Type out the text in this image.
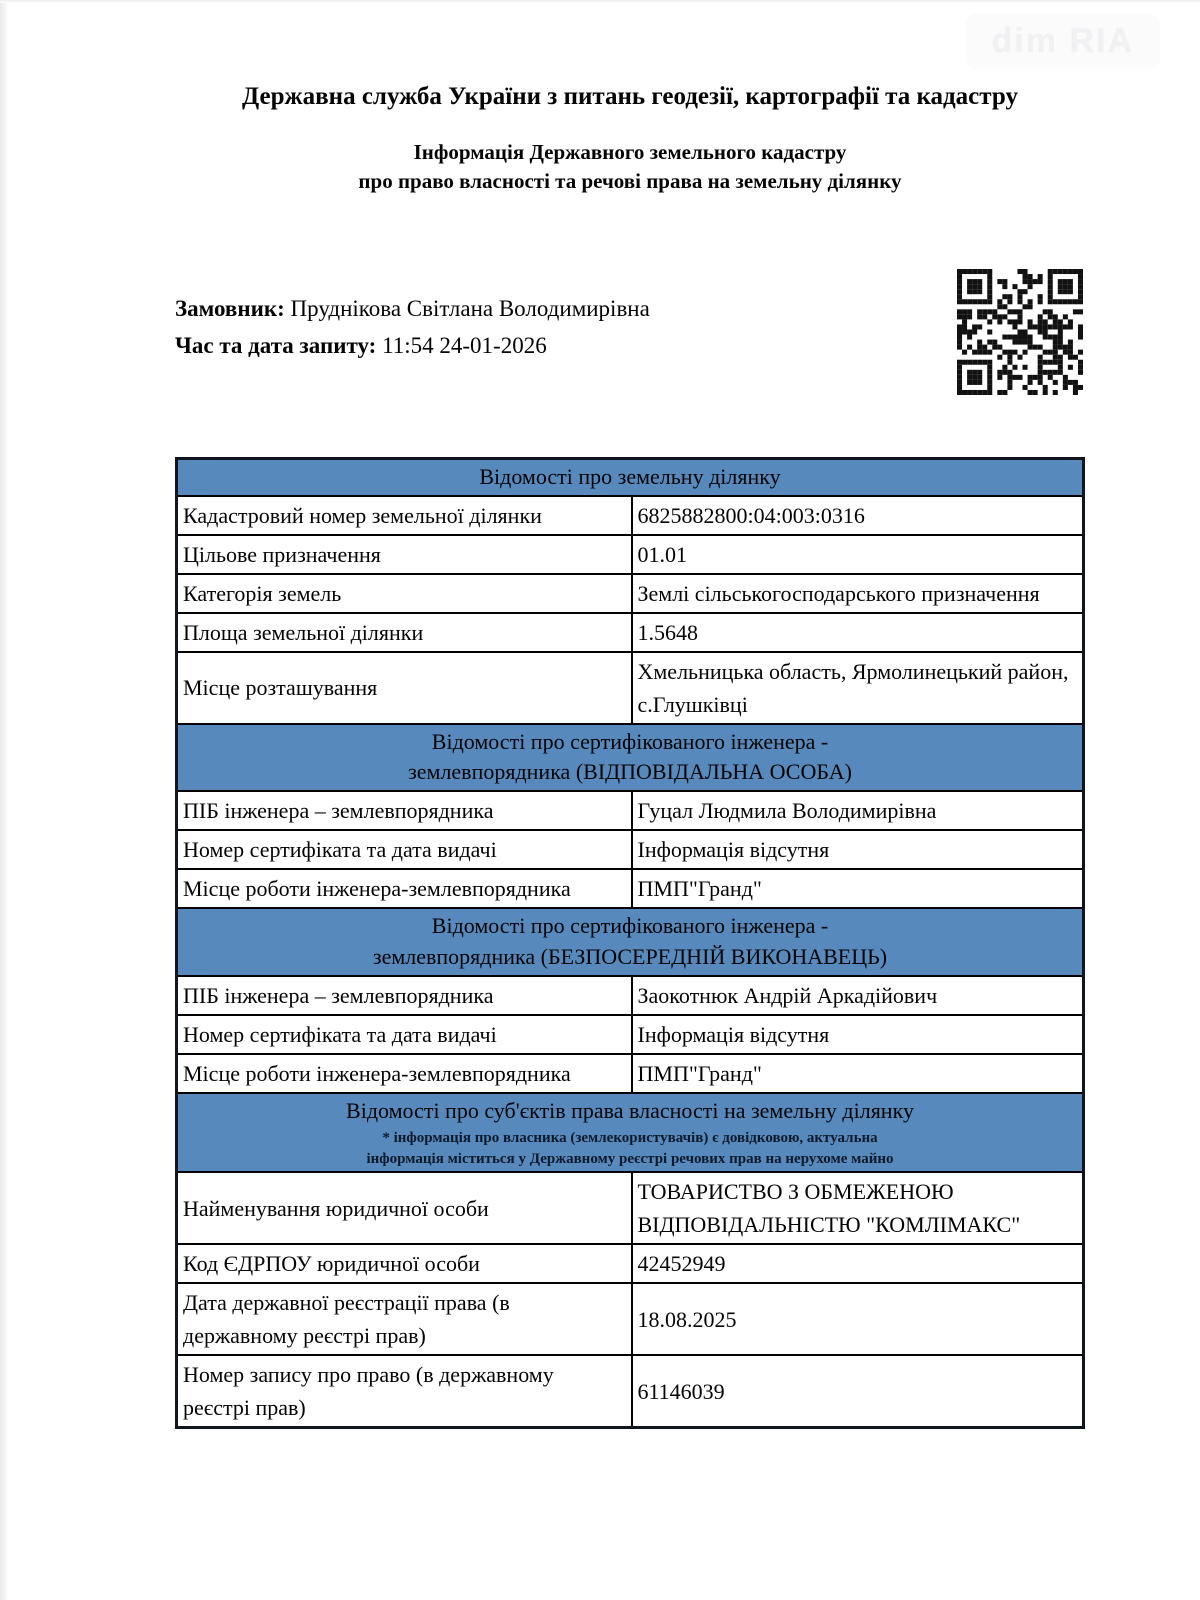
dim RIA
Державна служба України з питань геодезії, картографії та кадастру
Інформація Державного земельного кадастру
про право власності та речові права на земельну ділянку
Замовник: Пруднікова Світлана Володимирівна
Час та дата запиту: 11:54 24-01-2026
Відомості про земельну ділянку	

Кадастровий номер земельної ділянки	6825882800:04:003:0316
Цільове призначення	01.01
Категорія земель	Землі сільськогосподарського призначення
Площа земельної ділянки	1.5648
Місце розташування	Хмельницька область, Ярмолинецький район, с.Глушківці

Відомості про сертифікованого інженера -
землевпорядника (ВІДПОВІДАЛЬНА ОСОБА)	

ПІБ інженера – землевпорядника	Гуцал Людмила Володимирівна
Номер сертифіката та дата видачі	Інформація відсутня
Місце роботи інженера-землевпорядника	ПМП"Гранд"

Відомості про сертифікованого інженера -
землевпорядника (БЕЗПОСЕРЕДНІЙ ВИКОНАВЕЦЬ)	

ПІБ інженера – землевпорядника	Заокотнюк Андрій Аркадійович
Номер сертифіката та дата видачі	Інформація відсутня
Місце роботи інженера-землевпорядника	ПМП"Гранд"

Відомості про суб'єктів права власності на земельну ділянку
* інформація про власника (землекористувачів) є довідковою, актуальна
інформація міститься у Державному реєстрі речових прав на нерухоме майно	

Найменування юридичної особи	ТОВАРИСТВО З ОБМЕЖЕНОЮ ВІДПОВІДАЛЬНІСТЮ "КОМЛІМАКС"
Код ЄДРПОУ юридичної особи	42452949
Дата державної реєстрації права (в державному реєстрі прав)	18.08.2025
Номер запису про право (в державному реєстрі прав)	61146039
